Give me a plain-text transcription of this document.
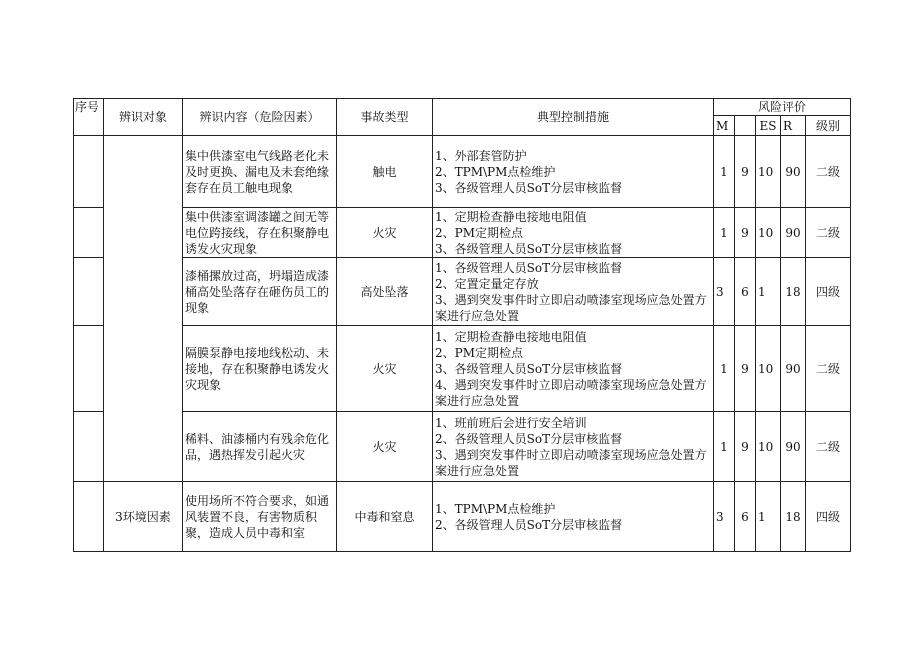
序号	辨识对象	辨识内容（危险因素）	事故类型	典型控制措施	风险评价				
					M		ES	R	级别
		集中供漆室电气线路老化未及时更换、漏电及未套绝缘套存在员工触电现象	触电	1、外部套管防护
2、TPM\PM点检维护
3、各级管理人员SoT分层审核监督	1	9	10	90	二级
		集中供漆室调漆罐之间无等电位跨接线，存在积聚静电诱发火灾现象	火灾	1、定期检查静电接地电阻值
2、PM定期检点
3、各级管理人员SoT分层审核监督	1	9	10	90	二级
		漆桶摞放过高，坍塌造成漆桶高处坠落存在砸伤员工的现象	高处坠落	1、各级管理人员SoT分层审核监督
2、定置定量定存放
3、遇到突发事件时立即启动喷漆室现场应急处置方案进行应急处置	3	6	1	18	四级
		隔膜泵静电接地线松动、未接地，存在积聚静电诱发火灾现象	火灾	1、定期检查静电接地电阻值
2、PM定期检点
3、各级管理人员SoT分层审核监督
4、遇到突发事件时立即启动喷漆室现场应急处置方案进行应急处置	1	9	10	90	二级
		稀料、油漆桶内有残余危化品，遇热挥发引起火灾	火灾	1、班前班后会进行安全培训
2、各级管理人员SoT分层审核监督
3、遇到突发事件时立即启动喷漆室现场应急处置方案进行应急处置	1	9	10	90	二级
	3环境因素	使用场所不符合要求，如通风装置不良，有害物质积聚，造成人员中毒和室	中毒和窒息	1、TPM\PM点检维护
2、各级管理人员SoT分层审核监督	3	6	1	18	四级
